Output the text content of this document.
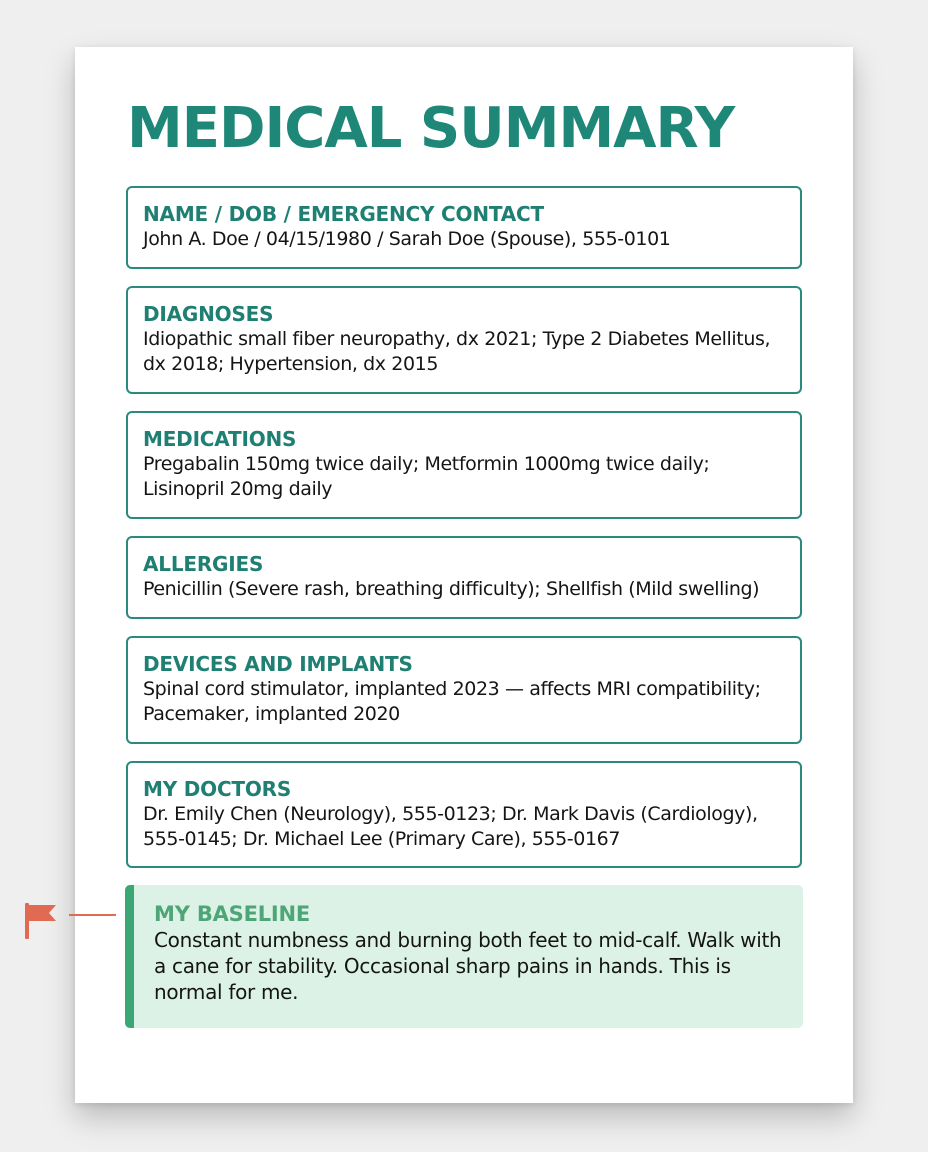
MEDICAL SUMMARY
NAME / DOB / EMERGENCY CONTACT
John A. Doe / 04/15/1980 / Sarah Doe (Spouse), 555-0101
DIAGNOSES
Idiopathic small fiber neuropathy, dx 2021; Type 2 Diabetes Mellitus, dx 2018; Hypertension, dx 2015
MEDICATIONS
Pregabalin 150mg twice daily; Metformin 1000mg twice daily; Lisinopril 20mg daily
ALLERGIES
Penicillin (Severe rash, breathing difficulty); Shellfish (Mild swelling)
DEVICES AND IMPLANTS
Spinal cord stimulator, implanted 2023 — affects MRI compatibility; Pacemaker, implanted 2020
MY DOCTORS
Dr. Emily Chen (Neurology), 555-0123; Dr. Mark Davis (Cardiology), 555-0145; Dr. Michael Lee (Primary Care), 555-0167
MY BASELINE
Constant numbness and burning both feet to mid-calf. Walk with a cane for stability. Occasional sharp pains in hands. This is normal for me.
